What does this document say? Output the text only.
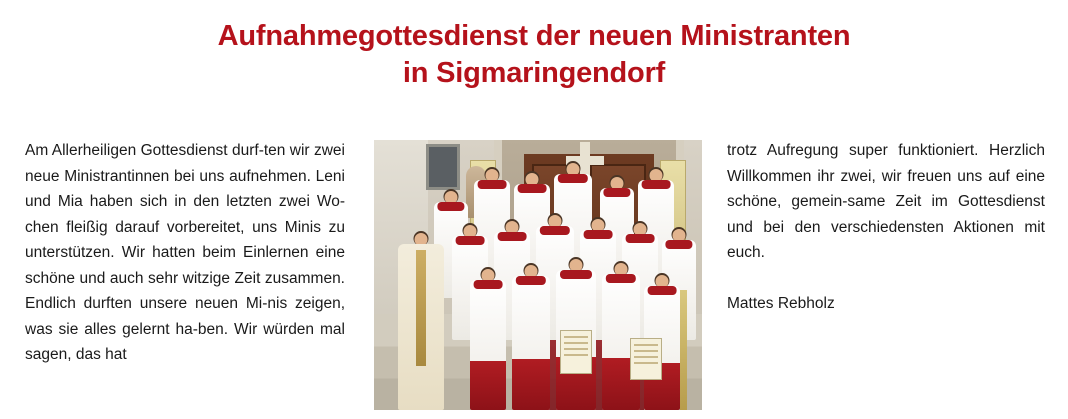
Aufnahmegottesdienst der neuen Ministranten
in Sigmaringendorf

Am Allerheiligen Gottesdienst durf-ten wir zwei neue Ministrantinnen bei uns aufnehmen. Leni und Mia haben sich in den letzten zwei Wo-chen fleißig darauf vorbereitet, uns Minis zu unterstützen. Wir hatten beim Einlernen eine schöne und auch sehr witzige Zeit zusammen. Endlich durften unsere neuen Mi-nis zeigen, was sie alles gelernt ha-ben. Wir würden mal sagen, das hat

trotz Aufregung super funktioniert. Herzlich Willkommen ihr zwei, wir freuen uns auf eine schöne, gemein-same Zeit im Gottesdienst und bei den verschiedensten Aktionen mit euch.

Mattes Rebholz
